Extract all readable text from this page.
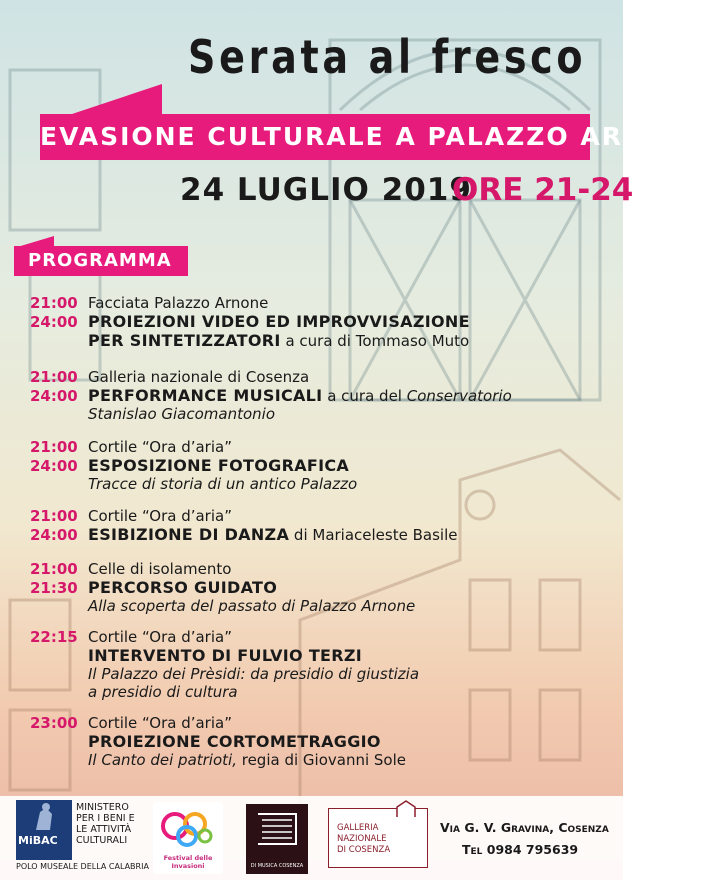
Serata al fresco
EVASIONE CULTURALE A PALAZZO ARNONE
24 LUGLIO 2019
ORE 21-24
PROGRAMMA
21:00 Facciata Palazzo Arnone
24:00 PROIEZIONI VIDEO ED IMPROVVISAZIONE
PER SINTETIZZATORI a cura di Tommaso Muto
21:00 Galleria nazionale di Cosenza
24:00 PERFORMANCE MUSICALI a cura del Conservatorio
Stanislao Giacomantonio
21:00 Cortile “Ora d’aria”
24:00 ESPOSIZIONE FOTOGRAFICA
Tracce di storia di un antico Palazzo
21:00 Cortile “Ora d’aria”
24:00 ESIBIZIONE DI DANZA di Mariaceleste Basile
21:00 Celle di isolamento
21:30 PERCORSO GUIDATO
Alla scoperta del passato di Palazzo Arnone
22:15 Cortile “Ora d’aria”
INTERVENTO DI FULVIO TERZI
Il Palazzo dei Prèsidi: da presidio di giustizia
a presidio di cultura
23:00 Cortile “Ora d’aria”
PROIEZIONE CORTOMETRAGGIO
Il Canto dei patrioti, regia di Giovanni Sole
MiBAC
MINISTERO
PER I BENI E
LE ATTIVITÀ
CULTURALI
POLO MUSEALE DELLA CALABRIA
Festival delle Invasioni	DI MUSICA COSENZA
GALLERIA
NAZIONALE
DI COSENZA
Via G. V. Gravina, Cosenza
Tel 0984 795639
